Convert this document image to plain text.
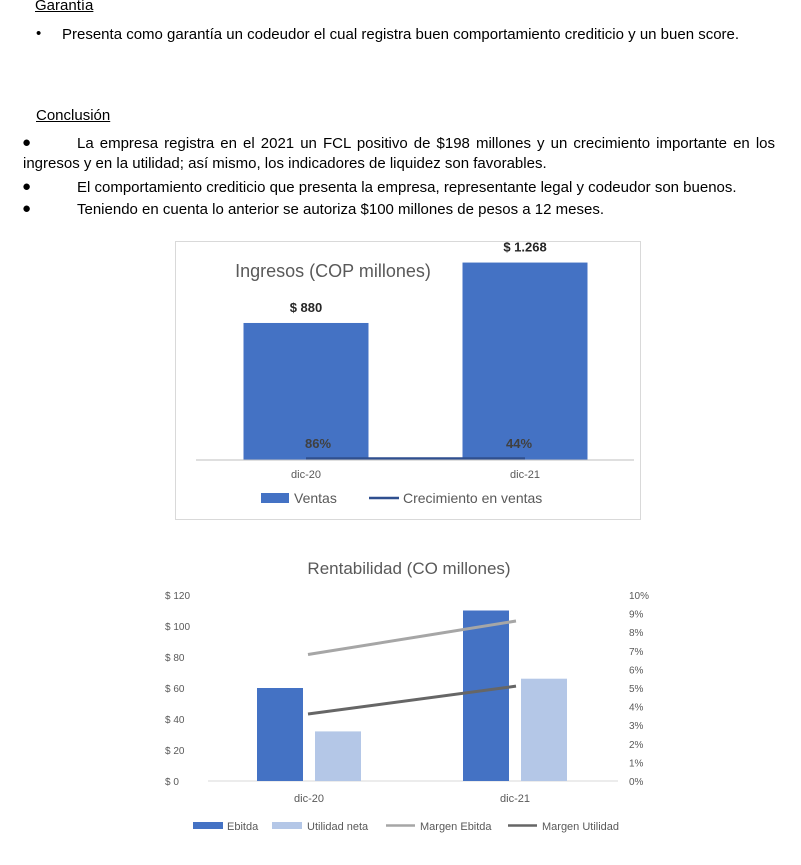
Garantía
• Presenta como garantía un codeudor el cual registra buen comportamiento crediticio y un buen score.
Conclusión
●	La empresa registra en el 2021 un FCL positivo de $198 millones y un crecimiento importante en los
ingresos y en la utilidad; así mismo, los indicadores de liquidez son favorables.
●	El comportamiento crediticio que presenta la empresa, representante legal y codeudor son buenos.
●	Teniendo en cuenta lo anterior se autoriza $100 millones de pesos a 12 meses.
Ingresos (COP millones)
$ 880
$ 1.268
86%	44%
dic-20	dic-21
Ventas	Crecimiento en ventas
Rentabilidad (CO millones)
$ 0
$ 20
$ 40
$ 60
$ 80
$ 100
$ 120
0%
1%
2%
3%
4%
5%
6%
7%
8%
9%
10%
dic-20	dic-21
Ebitda	Utilidad neta	Margen Ebitda	Margen Utilidad
